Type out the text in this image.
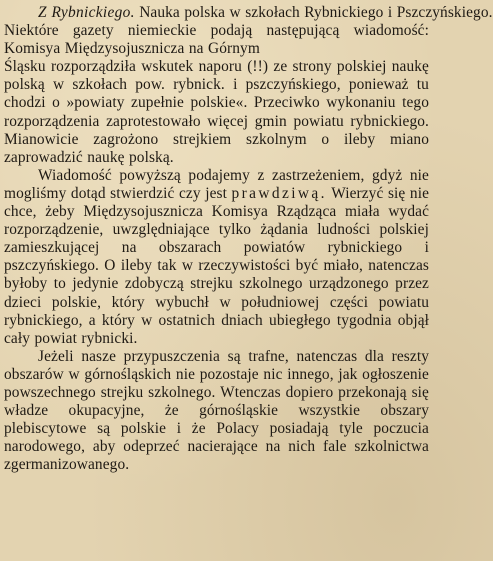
Z Rybnickiego. Nauka polska w szkołach Rybnickiego i Pszczyńskiego.
Niektóre gazety niemieckie podają następującą wiadomość: Komisya Międzysojusznicza na Górnym
Śląsku rozporządziła wskutek naporu (!!) ze strony polskiej naukę polską w szkołach pow. rybnick. i pszczyńskiego, ponieważ tu chodzi o »powiaty zupełnie polskie«. Przeciwko wykonaniu tego rozporządzenia zaprotestowało więcej gmin powiatu rybnickiego. Mianowicie zagrożono strejkiem szkolnym o ileby miano zaprowadzić naukę polską.
Wiadomość powyższą podajemy z zastrzeżeniem, gdyż nie mogliśmy dotąd stwierdzić czy jest prawdziwą. Wierzyć się nie chce, żeby Międzysojusznicza Komisya Rządząca miała wydać rozporządzenie, uwzględniające tylko żądania ludności polskiej zamieszkującej na obszarach powiatów rybnickiego i pszczyńskiego. O ileby tak w rzeczywistości być miało, natenczas byłoby to jedynie zdobyczą strejku szkolnego urządzonego przez dzieci polskie, który wybuchł w południowej części powiatu rybnickiego, a który w ostatnich dniach ubiegłego tygodnia objął cały powiat rybnicki.
Jeżeli nasze przypuszczenia są trafne, natenczas dla reszty obszarów w górnośląskich nie pozostaje nic innego, jak ogłoszenie powszechnego strejku szkolnego. Wtenczas dopiero przekonają się władze okupacyjne, że górnośląskie wszystkie obszary plebiscytowe są polskie i że Polacy posiadają tyle poczucia narodowego, aby odeprzeć nacierające na nich fale szkolnictwa zgermanizowanego.
